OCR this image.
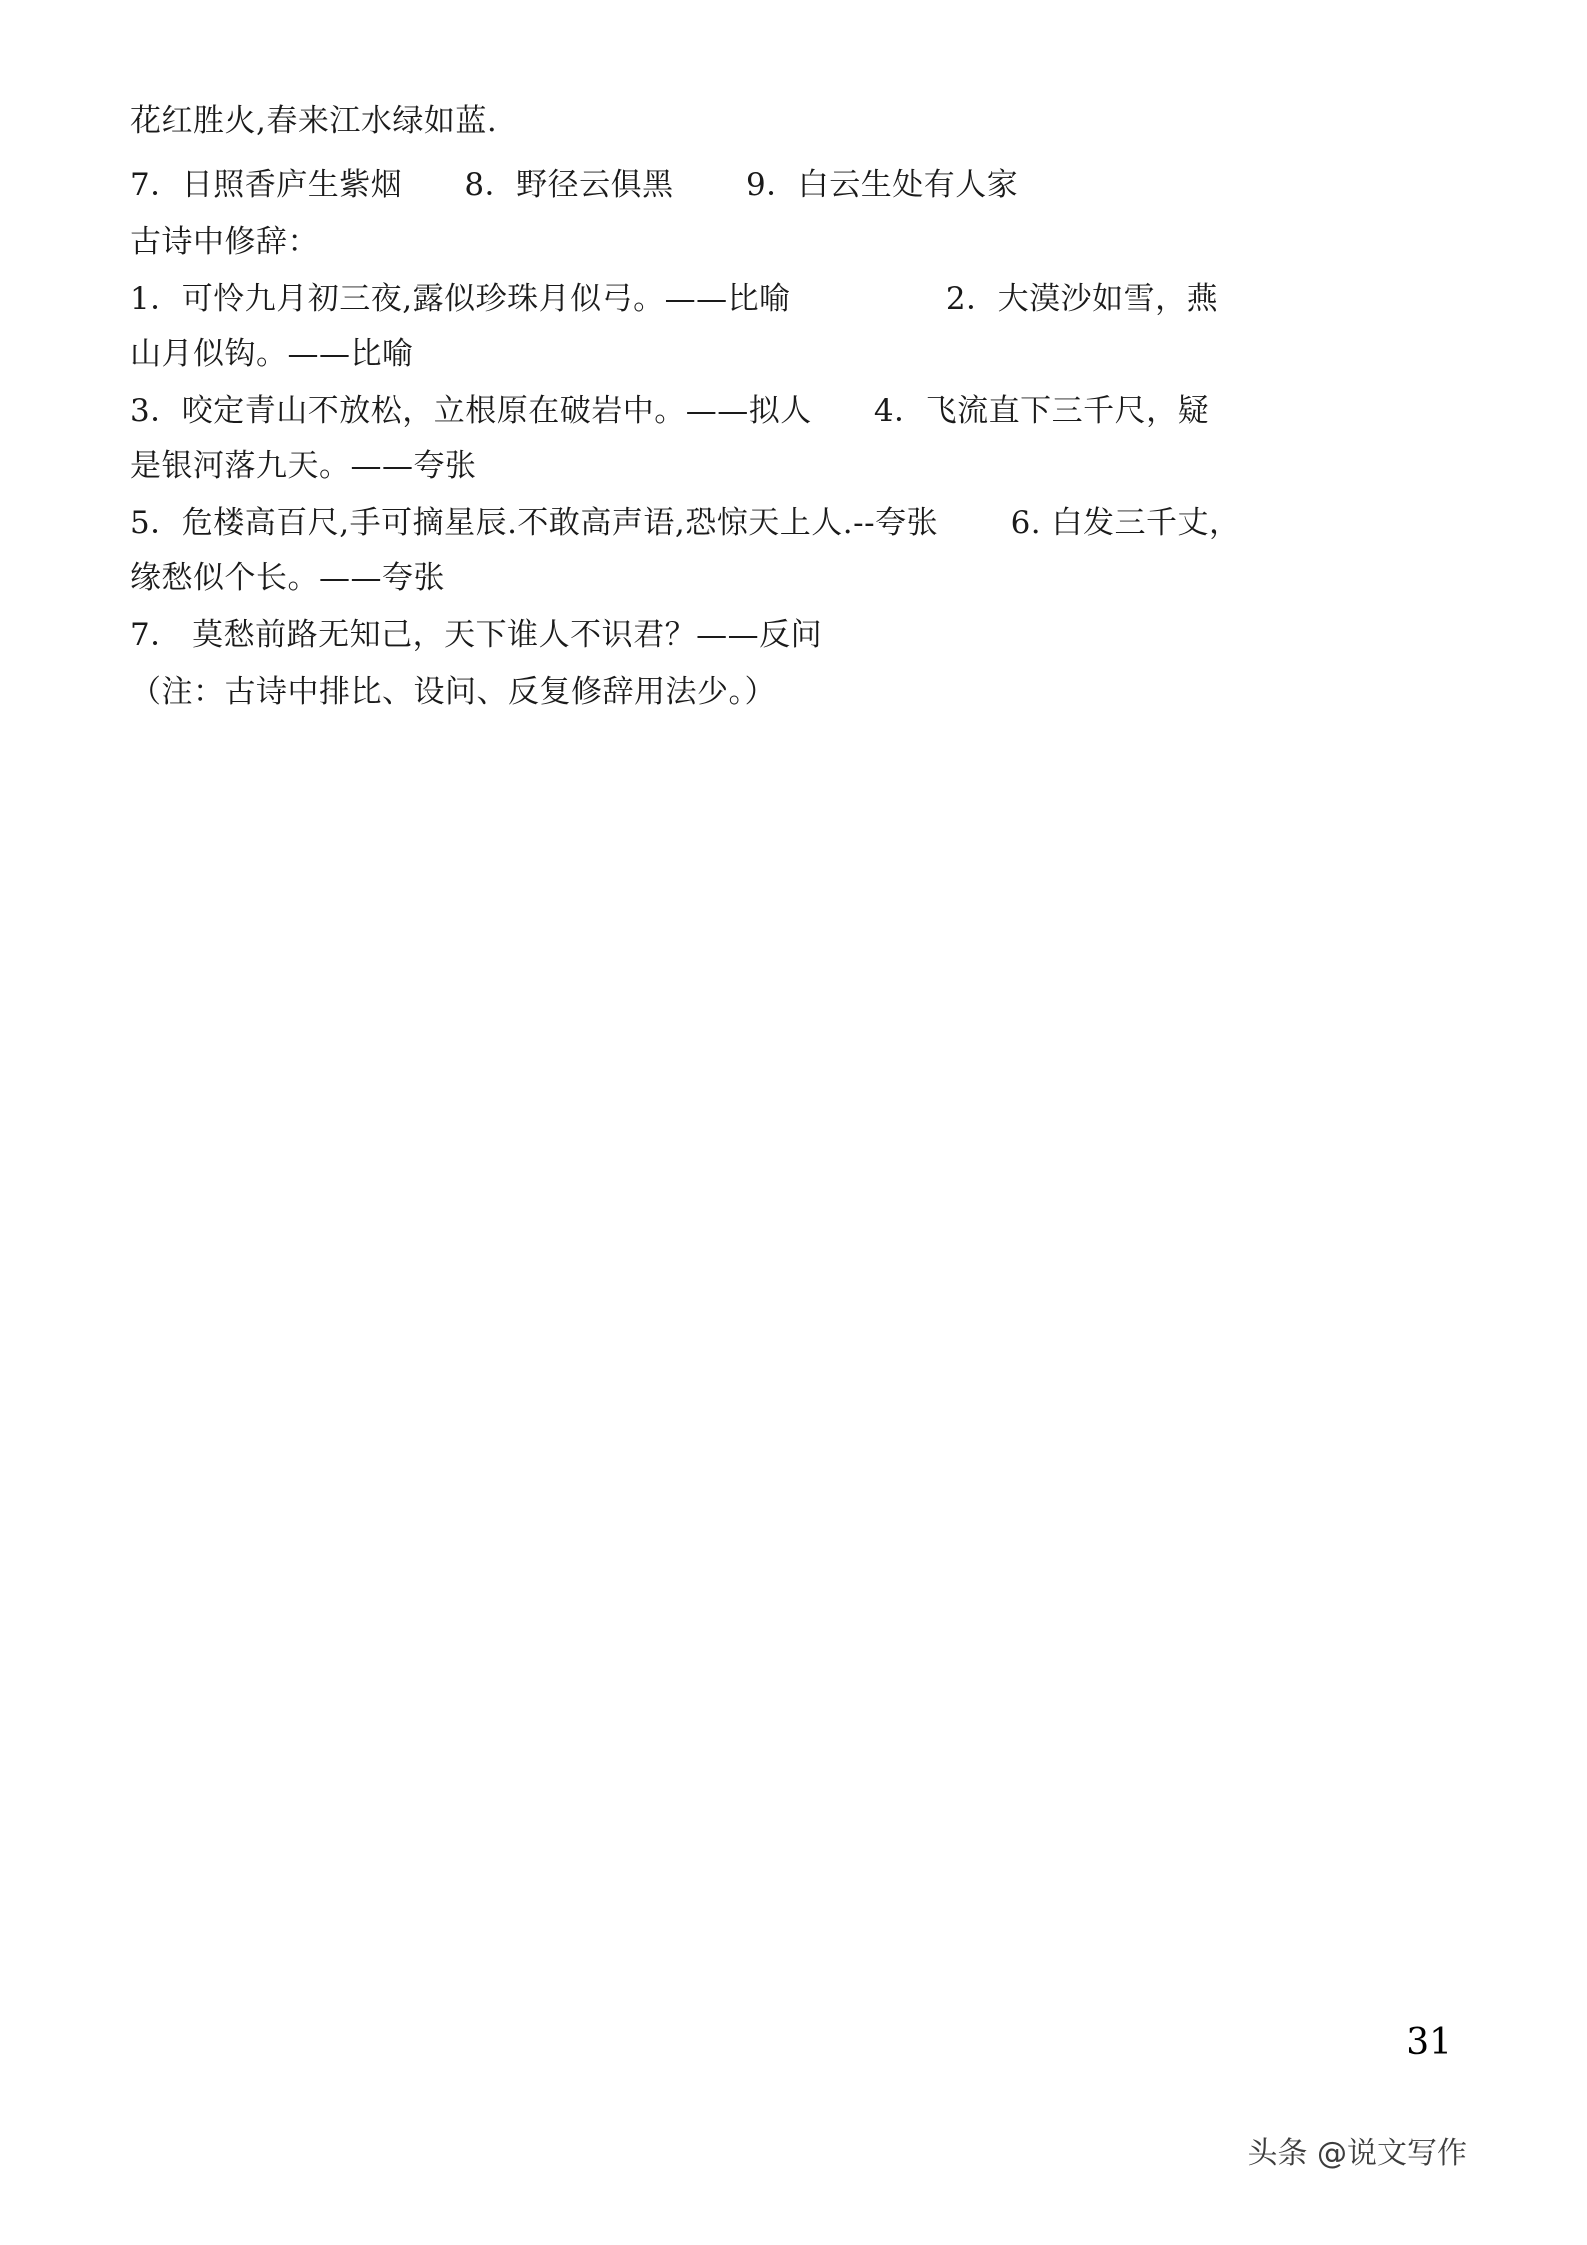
花红胜火,春来江水绿如蓝.
7．日照香庐生紫烟      8．野径云俱黑       9．白云生处有人家
古诗中修辞：
1．可怜九月初三夜,露似珍珠月似弓。——比喻               2．大漠沙如雪，燕
山月似钩。——比喻
3．咬定青山不放松，立根原在破岩中。——拟人      4．飞流直下三千尺，疑
是银河落九天。——夸张
5．危楼高百尺,手可摘星辰.不敢高声语,恐惊天上人.--夸张       6. 白发三千丈，
缘愁似个长。——夸张
7． 莫愁前路无知己，天下谁人不识君？——反问
（注：古诗中排比、设问、反复修辞用法少。）
31
头条 @说文写作
